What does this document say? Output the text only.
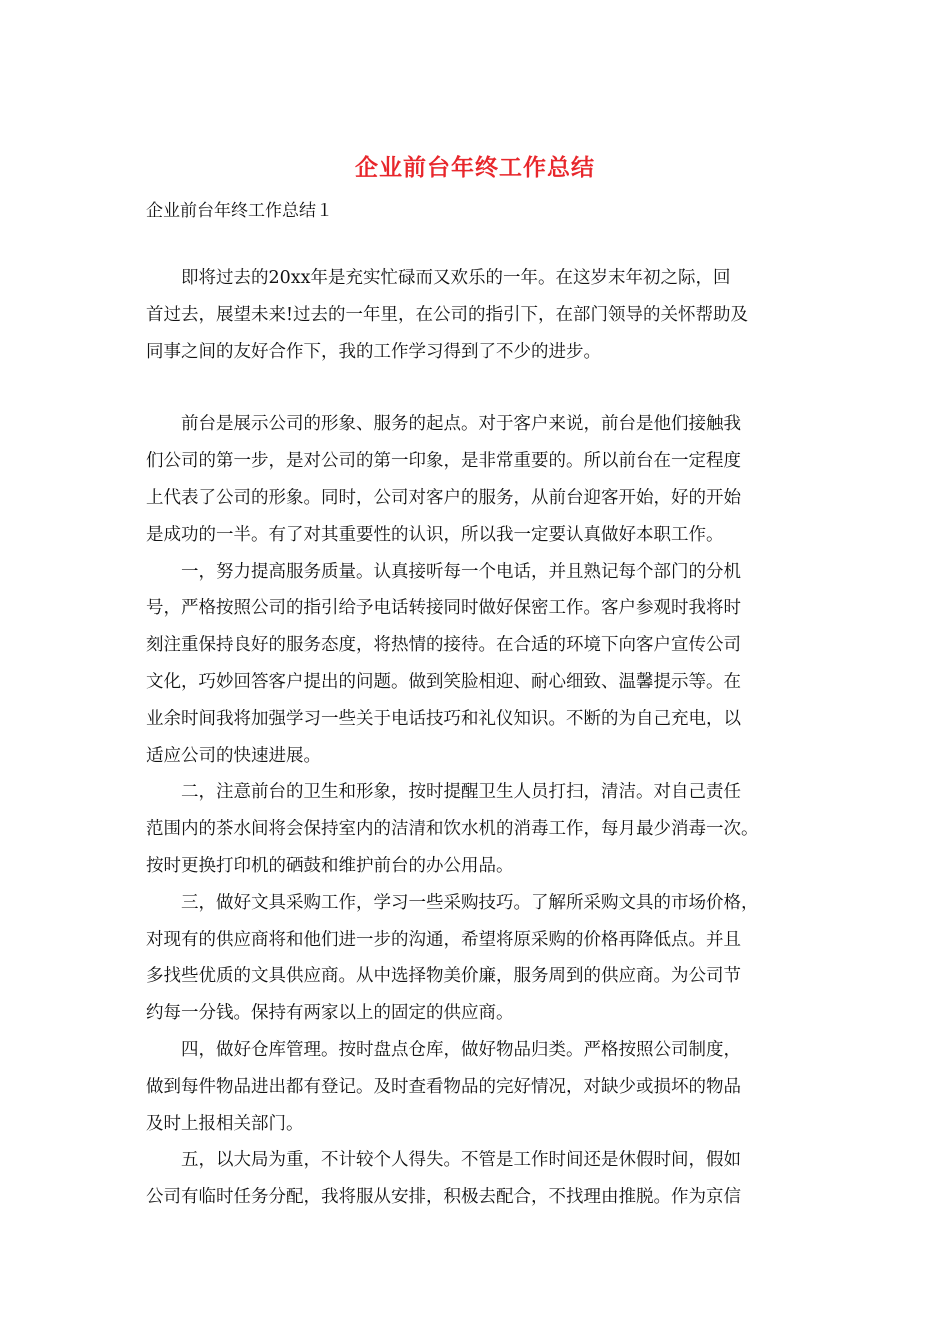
企业前台年终工作总结
企业前台年终工作总结１

即将过去的20xx年是充实忙碌而又欢乐的一年。在这岁末年初之际，回
首过去，展望未来!过去的一年里，在公司的指引下，在部门领导的关怀帮助及
同事之间的友好合作下，我的工作学习得到了不少的进步。

前台是展示公司的形象、服务的起点。对于客户来说，前台是他们接触我
们公司的第一步，是对公司的第一印象，是非常重要的。所以前台在一定程度
上代表了公司的形象。同时，公司对客户的服务，从前台迎客开始，好的开始
是成功的一半。有了对其重要性的认识，所以我一定要认真做好本职工作。

一，努力提高服务质量。认真接听每一个电话，并且熟记每个部门的分机
号，严格按照公司的指引给予电话转接同时做好保密工作。客户参观时我将时
刻注重保持良好的服务态度，将热情的接待。在合适的环境下向客户宣传公司
文化，巧妙回答客户提出的问题。做到笑脸相迎、耐心细致、温馨提示等。在
业余时间我将加强学习一些关于电话技巧和礼仪知识。不断的为自己充电，以
适应公司的快速进展。

二，注意前台的卫生和形象，按时提醒卫生人员打扫，清洁。对自己责任
范围内的茶水间将会保持室内的洁清和饮水机的消毒工作，每月最少消毒一次。
按时更换打印机的硒鼓和维护前台的办公用品。

三，做好文具采购工作，学习一些采购技巧。了解所采购文具的市场价格，
对现有的供应商将和他们进一步的沟通，希望将原采购的价格再降低点。并且
多找些优质的文具供应商。从中选择物美价廉，服务周到的供应商。为公司节
约每一分钱。保持有两家以上的固定的供应商。

四，做好仓库管理。按时盘点仓库，做好物品归类。严格按照公司制度，
做到每件物品进出都有登记。及时查看物品的完好情况，对缺少或损坏的物品
及时上报相关部门。

五，以大局为重，不计较个人得失。不管是工作时间还是休假时间，假如
公司有临时任务分配，我将服从安排，积极去配合，不找理由推脱。作为京信
